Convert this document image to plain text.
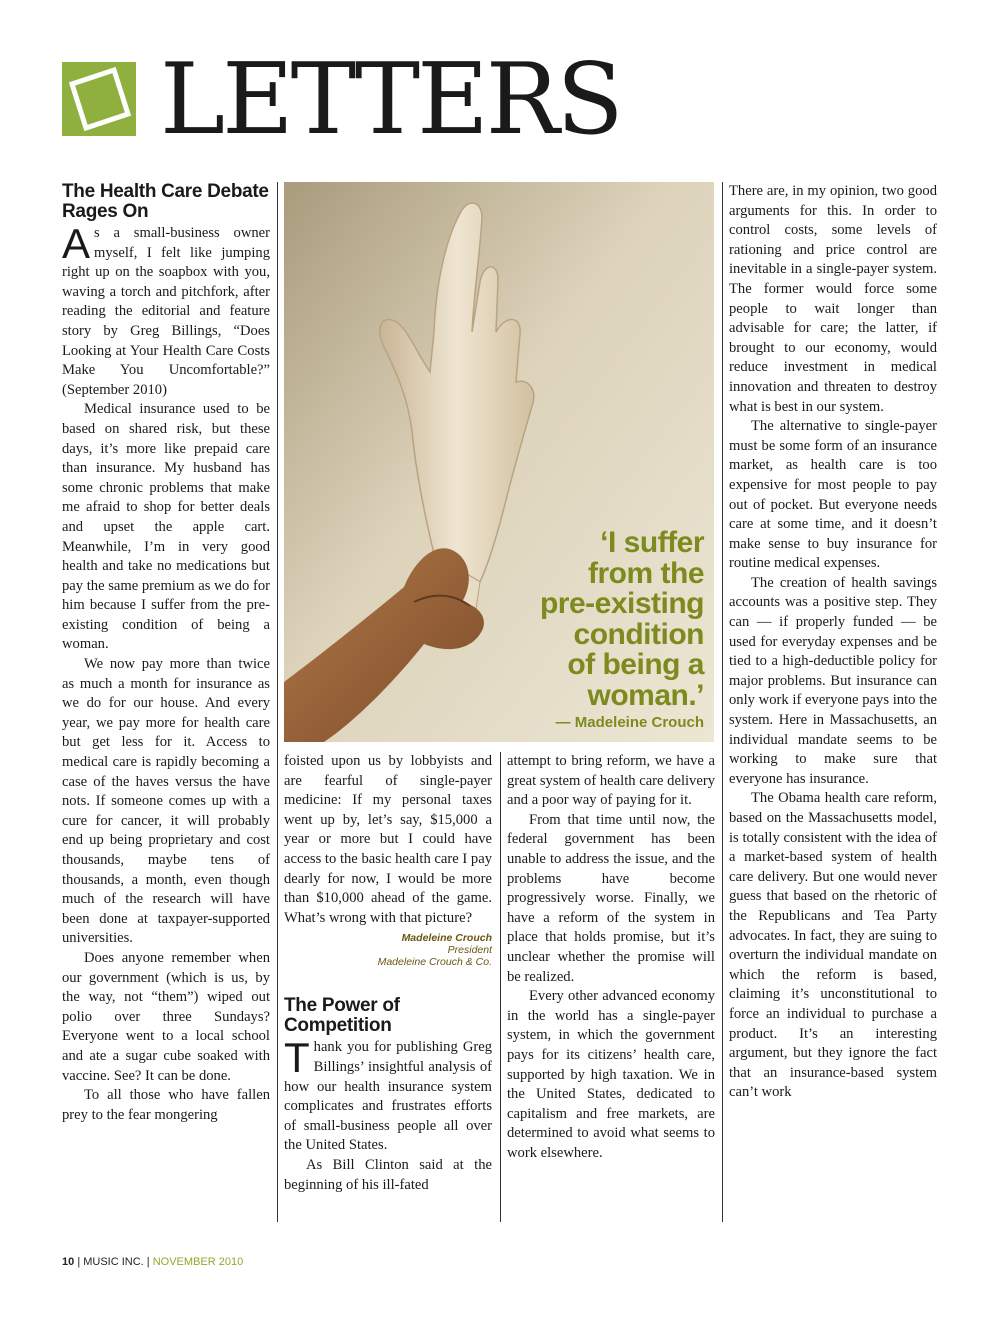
LETTERS
The Health Care Debate Rages On

As a small-business owner myself, I felt like jumping right up on the soapbox with you, waving a torch and pitchfork, after reading the editorial and feature story by Greg Billings, “Does Looking at Your Health Care Costs Make You Uncomfortable?” (September 2010)

Medical insurance used to be based on shared risk, but these days, it’s more like prepaid care than insurance. My husband has some chronic problems that make me afraid to shop for better deals and upset the apple cart. Meanwhile, I’m in very good health and take no medications but pay the same premium as we do for him because I suffer from the pre-existing condition of being a woman.

We now pay more than twice as much a month for insurance as we do for our house. And every year, we pay more for health care but get less for it. Access to medical care is rapidly becoming a case of the haves versus the have nots. If someone comes up with a cure for cancer, it will probably end up being proprietary and cost thousands, maybe tens of thousands, a month, even though much of the research will have been done at taxpayer-supported universities.

Does anyone remember when our government (which is us, by the way, not “them”) wiped out polio over three Sundays? Everyone went to a local school and ate a sugar cube soaked with vaccine. See? It can be done.

To all those who have fallen prey to the fear mongering

‘I suffer
from the
pre-existing
condition
of being a
woman.’
— Madeleine Crouch

foisted upon us by lobbyists and are fearful of single-payer medicine: If my personal taxes went up by, let’s say, $15,000 a year or more but I could have access to the basic health care I pay dearly for now, I would be more than $10,000 ahead of the game. What’s wrong with that picture?

Madeleine Crouch
President
Madeleine Crouch & Co.
The Power of Competition

Thank you for publishing Greg Billings’ insightful analysis of how our health insurance system complicates and frustrates efforts of small-business people all over the United States.

As Bill Clinton said at the beginning of his ill-fated

attempt to bring reform, we have a great system of health care delivery and a poor way of paying for it.

From that time until now, the federal government has been unable to address the issue, and the problems have become progressively worse. Finally, we have a reform of the system in place that holds promise, but it’s unclear whether the promise will be realized.

Every other advanced economy in the world has a single-payer system, in which the government pays for its citizens’ health care, supported by high taxation. We in the United States, dedicated to capitalism and free markets, are determined to avoid what seems to work elsewhere.

There are, in my opinion, two good arguments for this. In order to control costs, some levels of rationing and price control are inevitable in a single-payer system. The former would force some people to wait longer than advisable for care; the latter, if brought to our economy, would reduce investment in medical innovation and threaten to destroy what is best in our system.

The alternative to single-payer must be some form of an insurance market, as health care is too expensive for most people to pay out of pocket. But everyone needs care at some time, and it doesn’t make sense to buy insurance for routine medical expenses.

The creation of health savings accounts was a positive step. They can — if properly funded — be used for everyday expenses and be tied to a high-deductible policy for major problems. But insurance can only work if everyone pays into the system. Here in Massachusetts, an individual mandate seems to be working to make sure that everyone has insurance.

The Obama health care reform, based on the Massachusetts model, is totally consistent with the idea of a market-based system of health care delivery. But one would never guess that based on the rhetoric of the Republicans and Tea Party advocates. In fact, they are suing to overturn the individual mandate on which the reform is based, claiming it’s unconstitutional to force an individual to purchase a product. It’s an interesting argument, but they ignore the fact that an insurance-based system can’t work

10 | MUSIC INC. | NOVEMBER 2010
